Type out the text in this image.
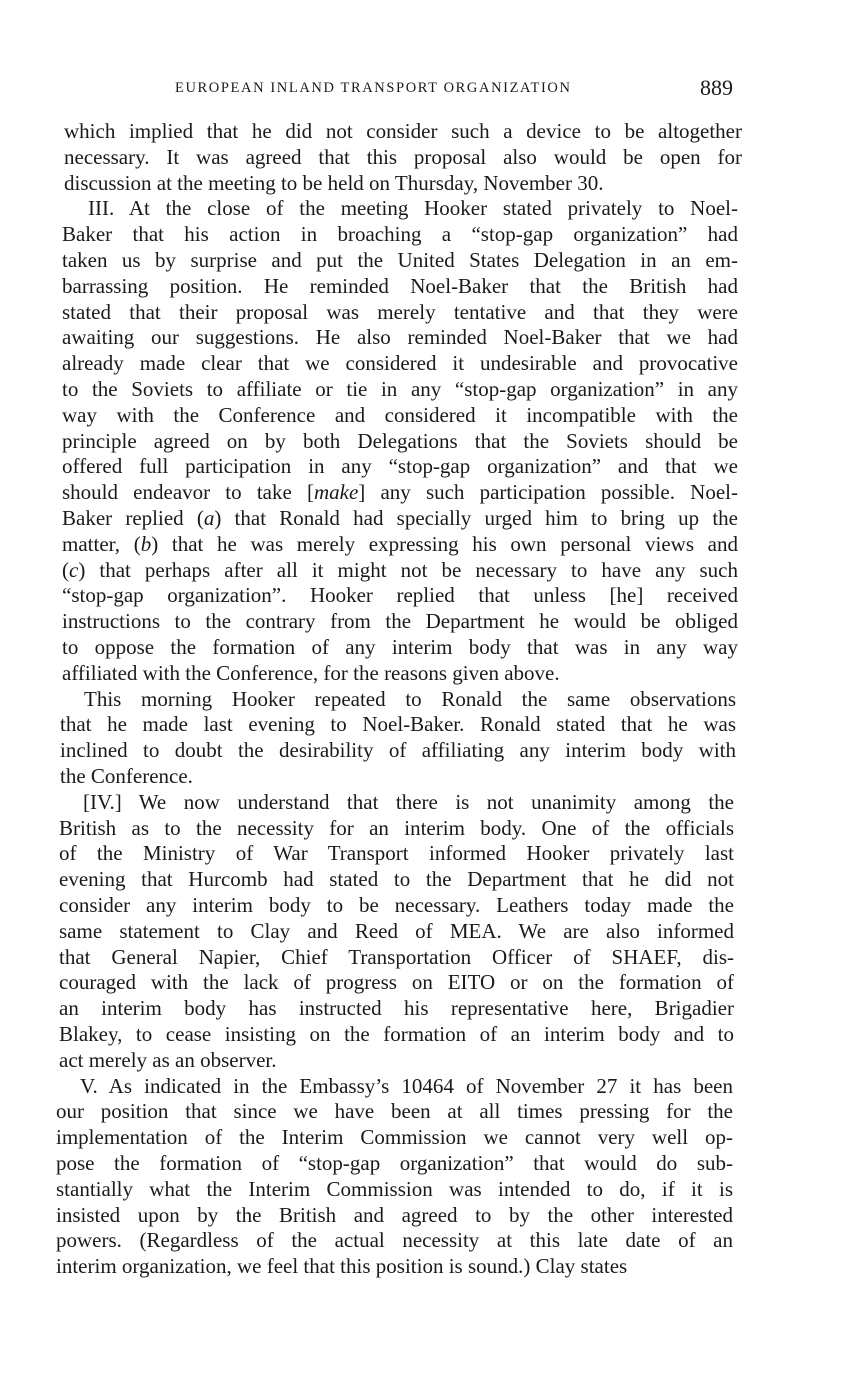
EUROPEAN INLAND TRANSPORT ORGANIZATION	889
which implied that he did not consider such a device to be altogether
necessary. It was agreed that this proposal also would be open for
discussion at the meeting to be held on Thursday, November 30.
III. At the close of the meeting Hooker stated privately to Noel-
Baker that his action in broaching a “stop-gap organization” had
taken us by surprise and put the United States Delegation in an em-
barrassing position. He reminded Noel-Baker that the British had
stated that their proposal was merely tentative and that they were
awaiting our suggestions. He also reminded Noel-Baker that we had
already made clear that we considered it undesirable and provocative
to the Soviets to affiliate or tie in any “stop-gap organization” in any
way with the Conference and considered it incompatible with the
principle agreed on by both Delegations that the Soviets should be
offered full participation in any “stop-gap organization” and that we
should endeavor to take [make] any such participation possible. Noel-
Baker replied (a) that Ronald had specially urged him to bring up the
matter, (b) that he was merely expressing his own personal views and
(c) that perhaps after all it might not be necessary to have any such
“stop-gap organization”. Hooker replied that unless [he] received
instructions to the contrary from the Department he would be obliged
to oppose the formation of any interim body that was in any way
affiliated with the Conference, for the reasons given above.
This morning Hooker repeated to Ronald the same observations
that he made last evening to Noel-Baker. Ronald stated that he was
inclined to doubt the desirability of affiliating any interim body with
the Conference.
[IV.] We now understand that there is not unanimity among the
British as to the necessity for an interim body. One of the officials
of the Ministry of War Transport informed Hooker privately last
evening that Hurcomb had stated to the Department that he did not
consider any interim body to be necessary. Leathers today made the
same statement to Clay and Reed of MEA. We are also informed
that General Napier, Chief Transportation Officer of SHAEF, dis-
couraged with the lack of progress on EITO or on the formation of
an interim body has instructed his representative here, Brigadier
Blakey, to cease insisting on the formation of an interim body and to
act merely as an observer.
V. As indicated in the Embassy’s 10464 of November 27 it has been
our position that since we have been at all times pressing for the
implementation of the Interim Commission we cannot very well op-
pose the formation of “stop-gap organization” that would do sub-
stantially what the Interim Commission was intended to do, if it is
insisted upon by the British and agreed to by the other interested
powers. (Regardless of the actual necessity at this late date of an
interim organization, we feel that this position is sound.) Clay states
